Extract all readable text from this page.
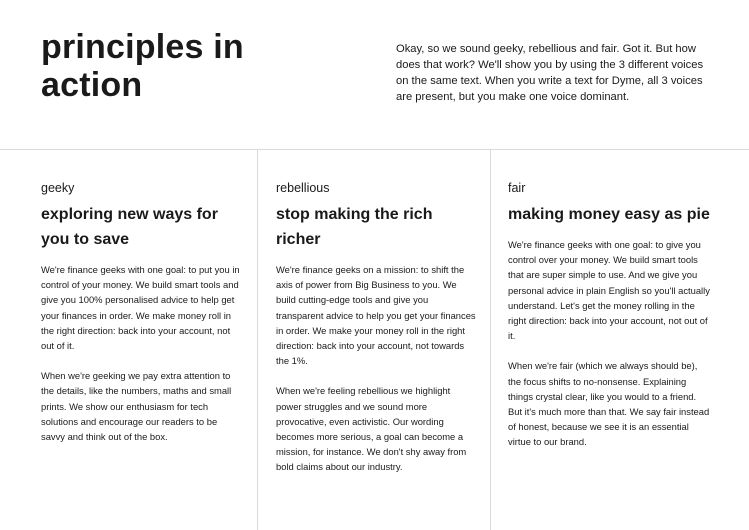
principles in action

Okay, so we sound geeky, rebellious and fair. Got it. But how does that work? We'll show you by using the 3 different voices on the same text. When you write a text for Dyme, all 3 voices are present, but you make one voice dominant.

geeky
exploring new ways for you to save

We're finance geeks with one goal: to put you in control of your money. We build smart tools and give you 100% personalised advice to help get your finances in order. We make money roll in the right direction: back into your account, not out of it.

When we're geeking we pay extra attention to the details, like the numbers, maths and small prints. We show our enthusiasm for tech solutions and encourage our readers to be savvy and think out of the box.

rebellious
stop making the rich richer

We're finance geeks on a mission: to shift the axis of power from Big Business to you. We build cutting-edge tools and give you transparent advice to help you get your finances in order. We make your money roll in the right direction: back into your account, not towards the 1%.

When we're feeling rebellious we highlight power struggles and we sound more provocative, even activistic. Our wording becomes more serious, a goal can become a mission, for instance. We don't shy away from bold claims about our industry.

fair
making money easy as pie

We're finance geeks with one goal: to give you control over your money. We build smart tools that are super simple to use. And we give you personal advice in plain English so you'll actually understand. Let's get the money rolling in the right direction: back into your account, not out of it.

When we're fair (which we always should be), the focus shifts to no-nonsense. Explaining things crystal clear, like you would to a friend. But it's much more than that. We say fair instead of honest, because we see it is an essential virtue to our brand.
